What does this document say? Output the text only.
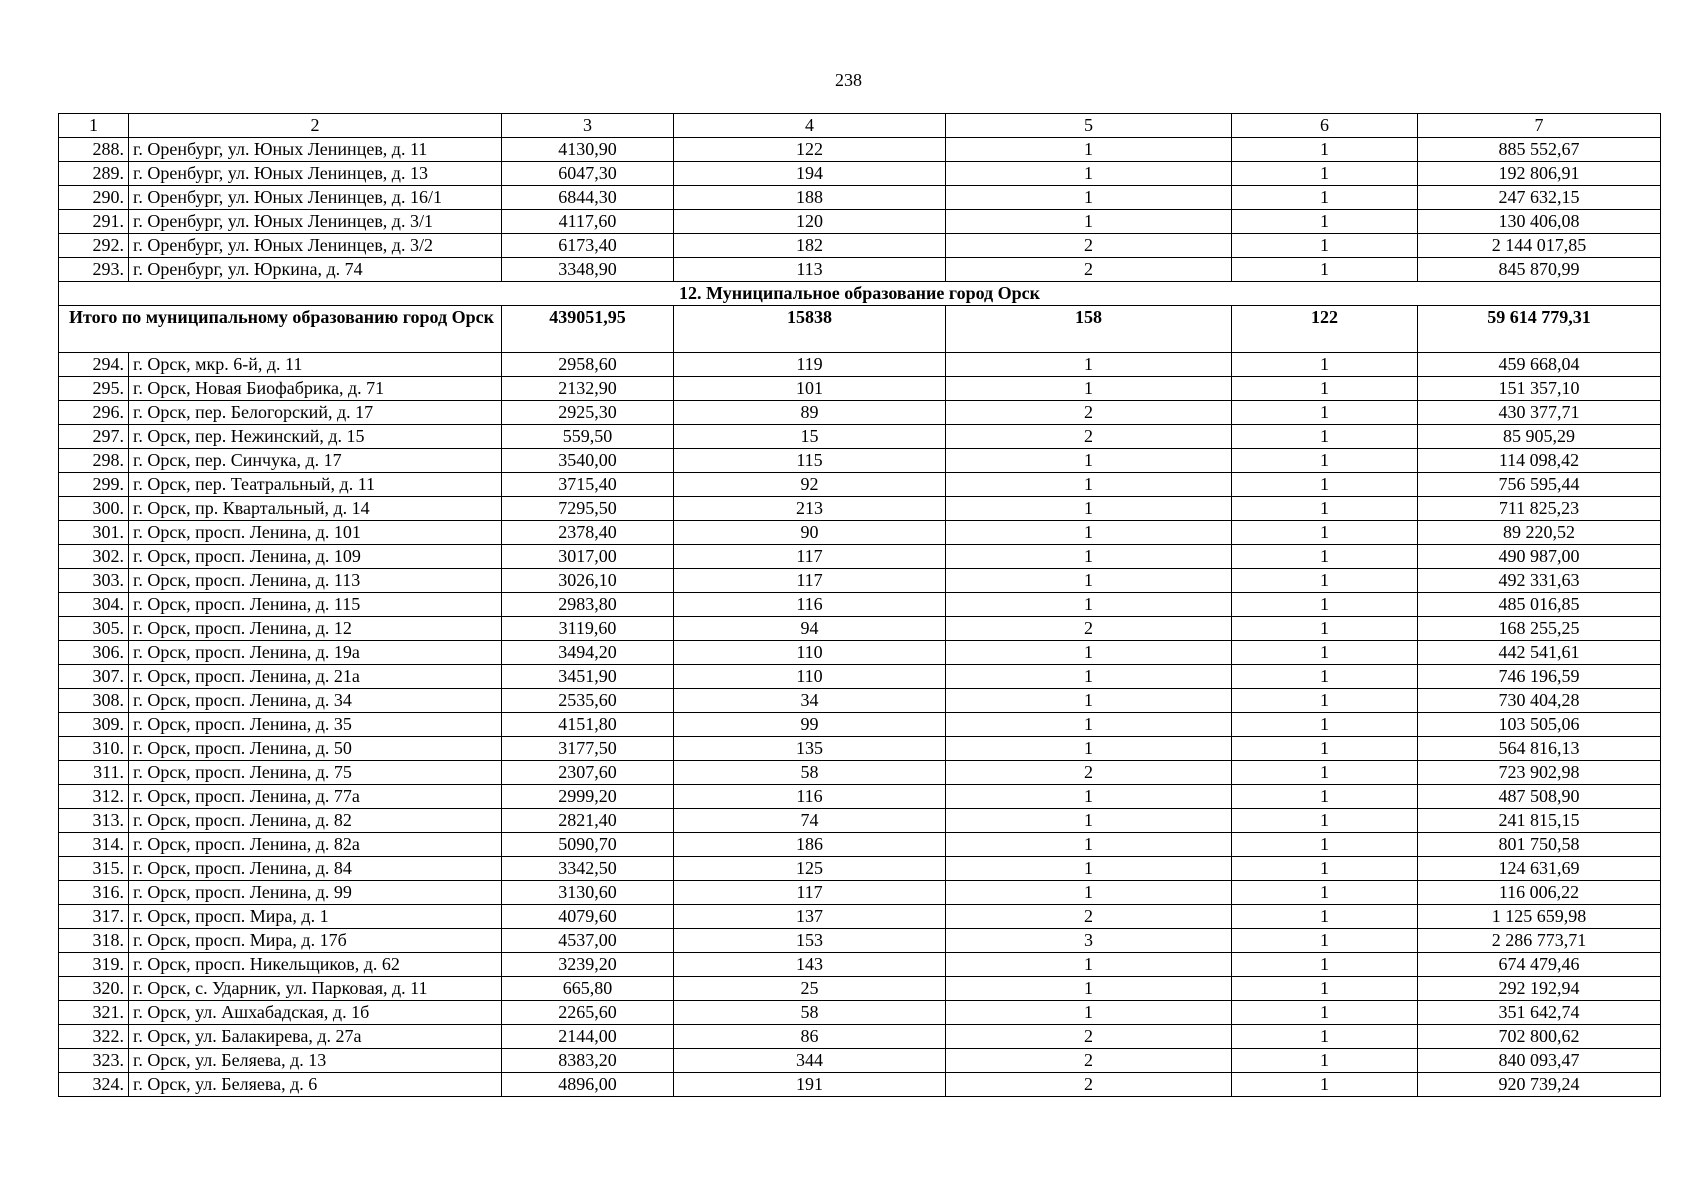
238
1	2	3	4	5	6	7
288.	г. Оренбург, ул. Юных Ленинцев, д. 11	4130,90	122	1	1	885 552,67
289.	г. Оренбург, ул. Юных Ленинцев, д. 13	6047,30	194	1	1	192 806,91
290.	г. Оренбург, ул. Юных Ленинцев, д. 16/1	6844,30	188	1	1	247 632,15
291.	г. Оренбург, ул. Юных Ленинцев, д. 3/1	4117,60	120	1	1	130 406,08
292.	г. Оренбург, ул. Юных Ленинцев, д. 3/2	6173,40	182	2	1	2 144 017,85
293.	г. Оренбург, ул. Юркина, д. 74	3348,90	113	2	1	845 870,99
12. Муниципальное образование город Орск						
Итого по муниципальному образованию город Орск		439051,95	15838	158	122	59 614 779,31
294.	г. Орск, мкр. 6-й, д. 11	2958,60	119	1	1	459 668,04
295.	г. Орск, Новая Биофабрика, д. 71	2132,90	101	1	1	151 357,10
296.	г. Орск, пер. Белогорский, д. 17	2925,30	89	2	1	430 377,71
297.	г. Орск, пер. Нежинский, д. 15	559,50	15	2	1	85 905,29
298.	г. Орск, пер. Синчука, д. 17	3540,00	115	1	1	114 098,42
299.	г. Орск, пер. Театральный, д. 11	3715,40	92	1	1	756 595,44
300.	г. Орск, пр. Квартальный, д. 14	7295,50	213	1	1	711 825,23
301.	г. Орск, просп. Ленина, д. 101	2378,40	90	1	1	89 220,52
302.	г. Орск, просп. Ленина, д. 109	3017,00	117	1	1	490 987,00
303.	г. Орск, просп. Ленина, д. 113	3026,10	117	1	1	492 331,63
304.	г. Орск, просп. Ленина, д. 115	2983,80	116	1	1	485 016,85
305.	г. Орск, просп. Ленина, д. 12	3119,60	94	2	1	168 255,25
306.	г. Орск, просп. Ленина, д. 19а	3494,20	110	1	1	442 541,61
307.	г. Орск, просп. Ленина, д. 21а	3451,90	110	1	1	746 196,59
308.	г. Орск, просп. Ленина, д. 34	2535,60	34	1	1	730 404,28
309.	г. Орск, просп. Ленина, д. 35	4151,80	99	1	1	103 505,06
310.	г. Орск, просп. Ленина, д. 50	3177,50	135	1	1	564 816,13
311.	г. Орск, просп. Ленина, д. 75	2307,60	58	2	1	723 902,98
312.	г. Орск, просп. Ленина, д. 77а	2999,20	116	1	1	487 508,90
313.	г. Орск, просп. Ленина, д. 82	2821,40	74	1	1	241 815,15
314.	г. Орск, просп. Ленина, д. 82а	5090,70	186	1	1	801 750,58
315.	г. Орск, просп. Ленина, д. 84	3342,50	125	1	1	124 631,69
316.	г. Орск, просп. Ленина, д. 99	3130,60	117	1	1	116 006,22
317.	г. Орск, просп. Мира, д. 1	4079,60	137	2	1	1 125 659,98
318.	г. Орск, просп. Мира, д. 17б	4537,00	153	3	1	2 286 773,71
319.	г. Орск, просп. Никельщиков, д. 62	3239,20	143	1	1	674 479,46
320.	г. Орск, с. Ударник, ул. Парковая, д. 11	665,80	25	1	1	292 192,94
321.	г. Орск, ул. Ашхабадская, д. 1б	2265,60	58	1	1	351 642,74
322.	г. Орск, ул. Балакирева, д. 27а	2144,00	86	2	1	702 800,62
323.	г. Орск, ул. Беляева, д. 13	8383,20	344	2	1	840 093,47
324.	г. Орск, ул. Беляева, д. 6	4896,00	191	2	1	920 739,24
